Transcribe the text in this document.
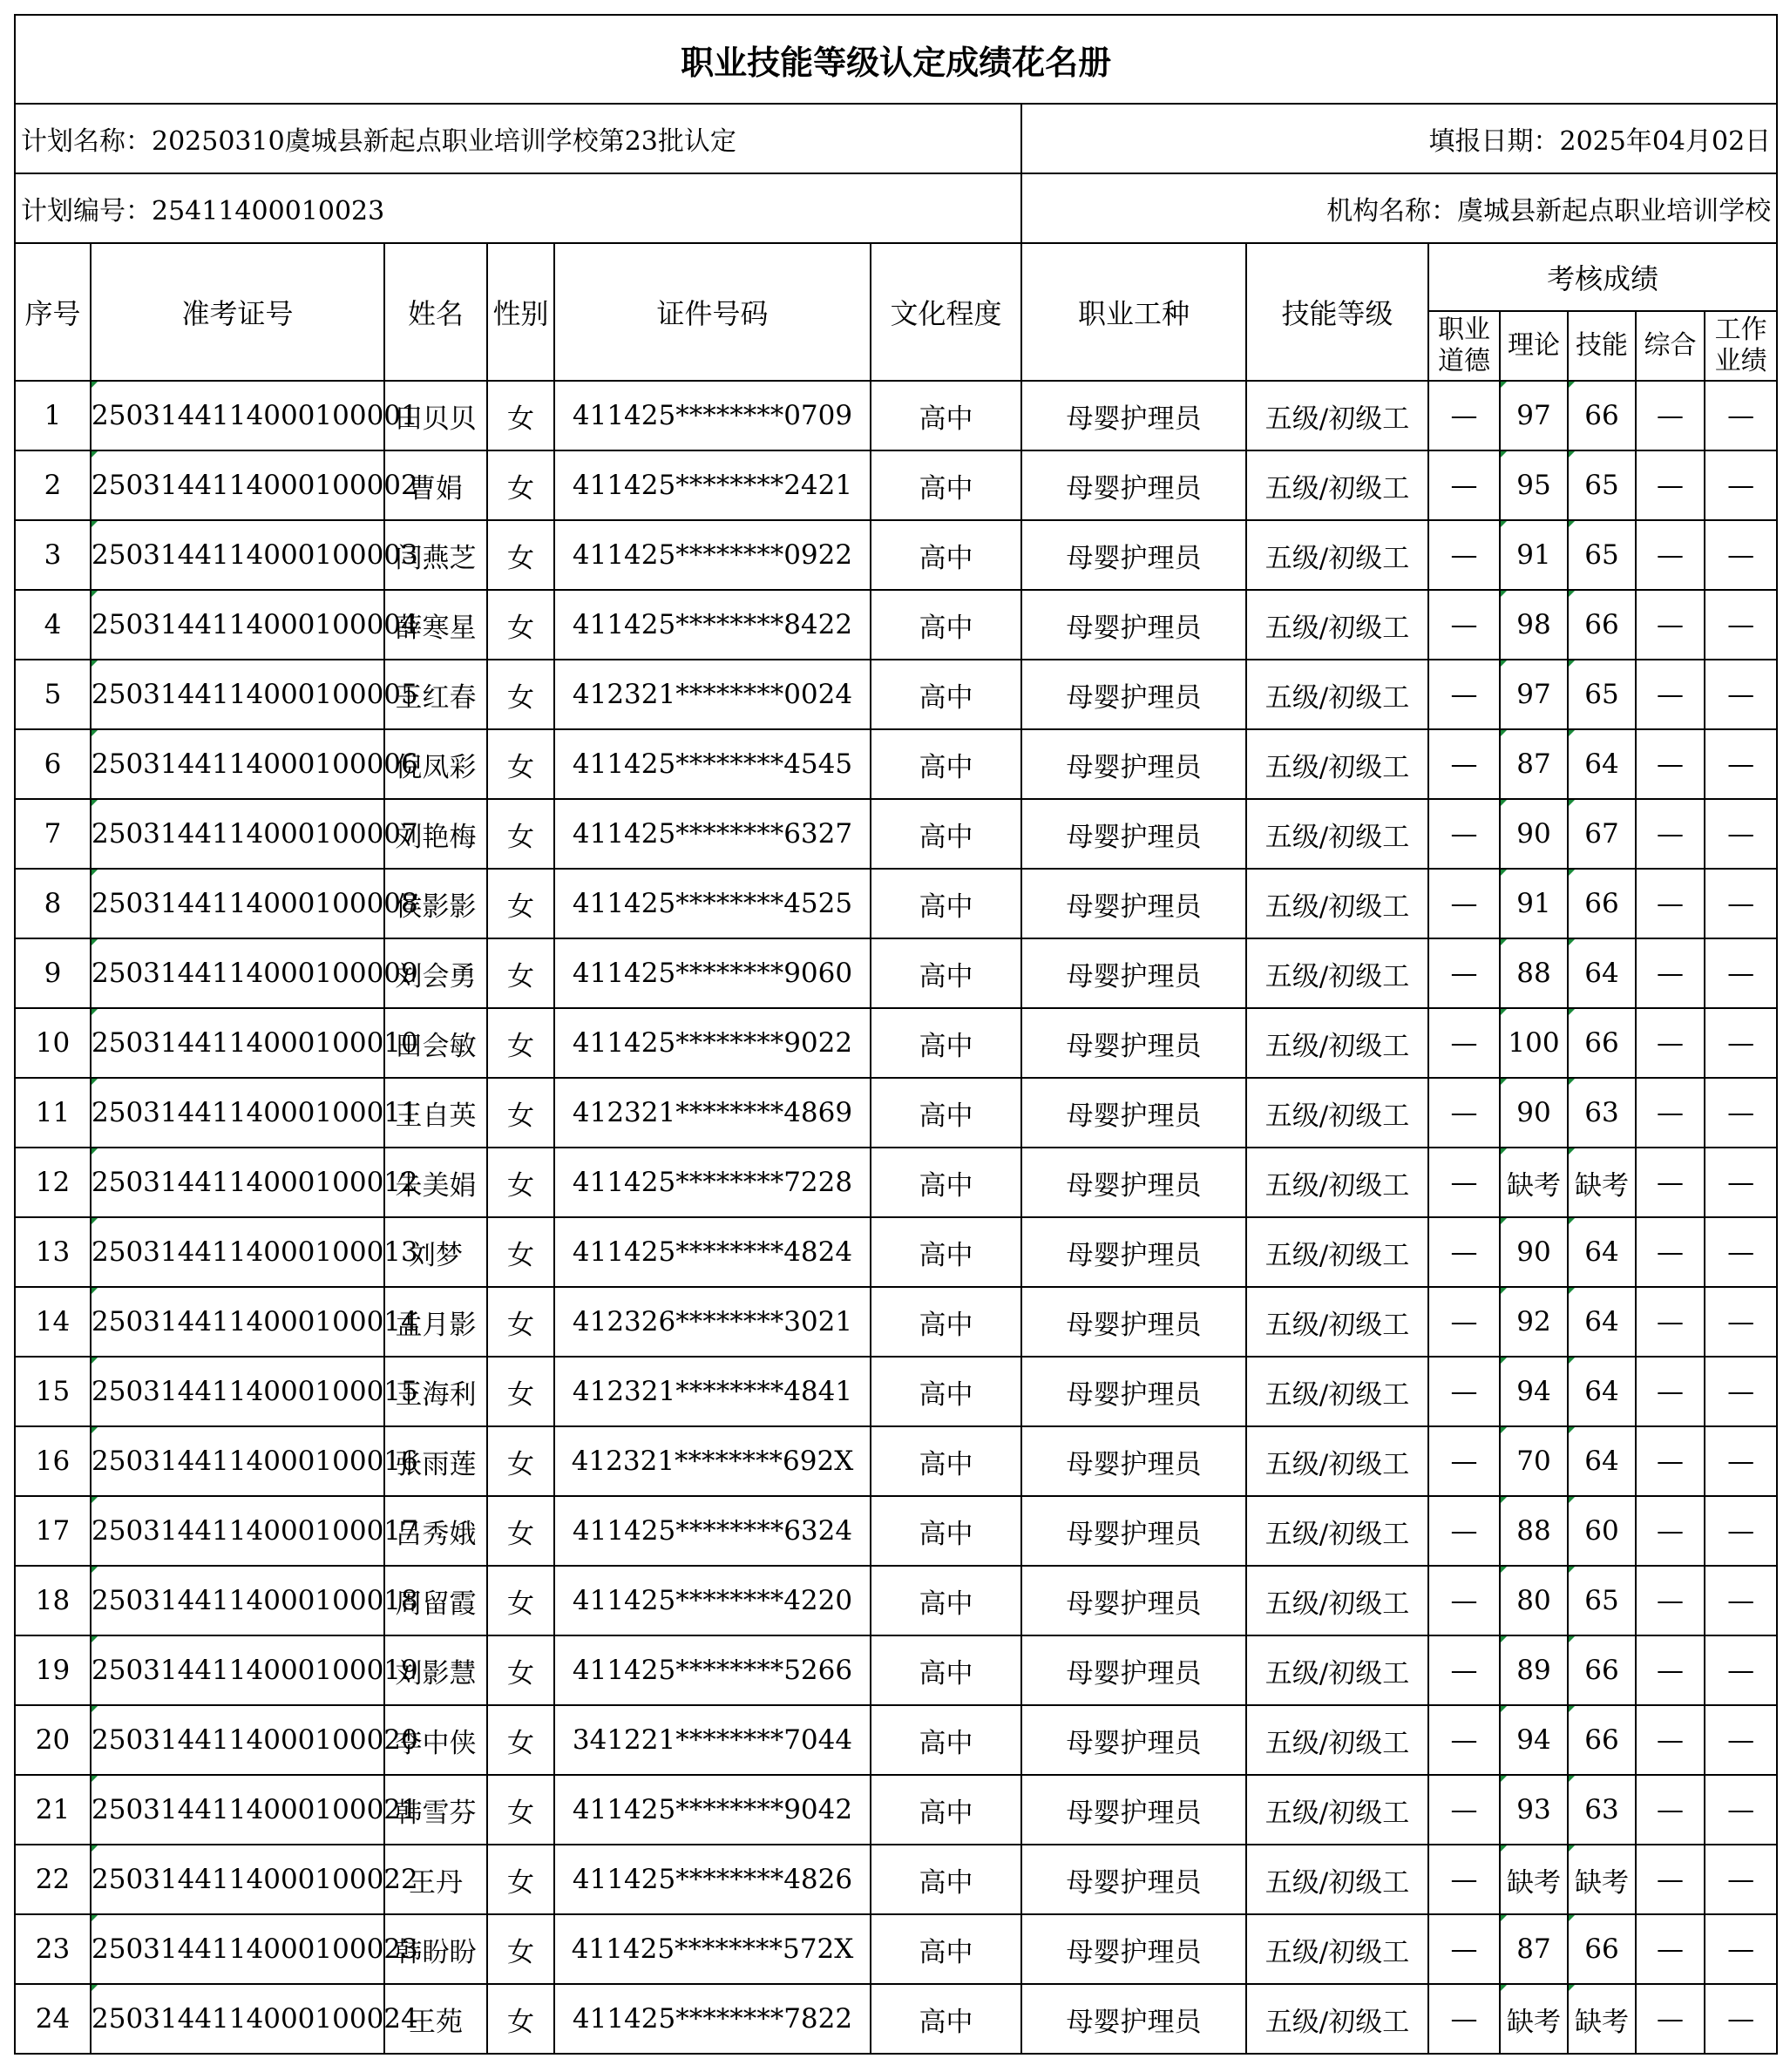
职业技能等级认定成绩花名册												
计划名称：20250310虞城县新起点职业培训学校第23批认定						填报日期：2025年04月02日						
计划编号：25411400010023						机构名称：虞城县新起点职业培训学校						
序号	准考证号	姓名	性别	证件号码	文化程度	职业工种	技能等级	考核成绩				
								职业道德	理论	技能	综合	工作业绩
1	2503144114000100001	田贝贝	女	411425********0709	高中	母婴护理员	五级/初级工	—	97	66	—	—
2	2503144114000100002	曹娟	女	411425********2421	高中	母婴护理员	五级/初级工	—	95	65	—	—
3	2503144114000100003	闫燕芝	女	411425********0922	高中	母婴护理员	五级/初级工	—	91	65	—	—
4	2503144114000100004	薛寒星	女	411425********8422	高中	母婴护理员	五级/初级工	—	98	66	—	—
5	2503144114000100005	王红春	女	412321********0024	高中	母婴护理员	五级/初级工	—	97	65	—	—
6	2503144114000100006	倪凤彩	女	411425********4545	高中	母婴护理员	五级/初级工	—	87	64	—	—
7	2503144114000100007	刘艳梅	女	411425********6327	高中	母婴护理员	五级/初级工	—	90	67	—	—
8	2503144114000100008	侯影影	女	411425********4525	高中	母婴护理员	五级/初级工	—	91	66	—	—
9	2503144114000100009	刘会勇	女	411425********9060	高中	母婴护理员	五级/初级工	—	88	64	—	—
10	2503144114000100010	田会敏	女	411425********9022	高中	母婴护理员	五级/初级工	—	100	66	—	—
11	2503144114000100011	王自英	女	412321********4869	高中	母婴护理员	五级/初级工	—	90	63	—	—
12	2503144114000100012	朱美娟	女	411425********7228	高中	母婴护理员	五级/初级工	—	缺考	缺考	—	—
13	2503144114000100013	刘梦	女	411425********4824	高中	母婴护理员	五级/初级工	—	90	64	—	—
14	2503144114000100014	孟月影	女	412326********3021	高中	母婴护理员	五级/初级工	—	92	64	—	—
15	2503144114000100015	王海利	女	412321********4841	高中	母婴护理员	五级/初级工	—	94	64	—	—
16	2503144114000100016	张雨莲	女	412321********692X	高中	母婴护理员	五级/初级工	—	70	64	—	—
17	2503144114000100017	吕秀娥	女	411425********6324	高中	母婴护理员	五级/初级工	—	88	60	—	—
18	2503144114000100018	周留霞	女	411425********4220	高中	母婴护理员	五级/初级工	—	80	65	—	—
19	2503144114000100019	刘影慧	女	411425********5266	高中	母婴护理员	五级/初级工	—	89	66	—	—
20	2503144114000100020	李中侠	女	341221********7044	高中	母婴护理员	五级/初级工	—	94	66	—	—
21	2503144114000100021	韩雪芬	女	411425********9042	高中	母婴护理员	五级/初级工	—	93	63	—	—
22	2503144114000100022	王丹	女	411425********4826	高中	母婴护理员	五级/初级工	—	缺考	缺考	—	—
23	2503144114000100023	韩盼盼	女	411425********572X	高中	母婴护理员	五级/初级工	—	87	66	—	—
24	2503144114000100024	王苑	女	411425********7822	高中	母婴护理员	五级/初级工	—	缺考	缺考	—	—
